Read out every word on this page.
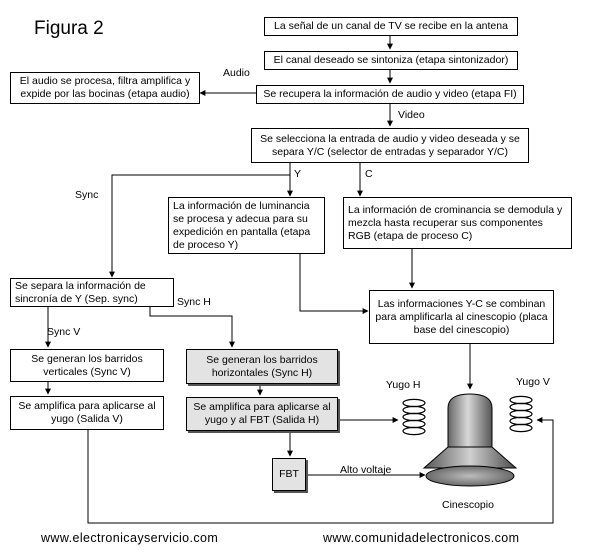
Figura 2	La señal de un canal de TV se recibe en la antena
El canal deseado se sintoniza (etapa sintonizador)
Se recupera la información de audio y video (etapa FI)
El audio se procesa, filtra amplifica y expide por las bocinas (etapa audio)
Se selecciona la entrada de audio y video deseada y se separa Y/C (selector de entradas y separador Y/C)
La información de luminancia se procesa y adecua para su expedición en pantalla (etapa de proceso Y)
La información de crominancia se demodula y mezcla hasta recuperar sus componentes RGB (etapa de proceso C)
Se separa la información de sincronía de Y (Sep. sync)	Las informaciones Y-C se combinan para amplificarla al cinescopio (placa base del cinescopio)
Se generan los barridos verticales (Sync V)
Se generan los barridos horizontales (Sync H)
Se amplifica para aplicarse al yugo (Salida V)
Se amplifica para aplicarse al yugo y al FBT (Salida H)
FBT
Audio
Video
Y	C
Sync
Sync H
Sync V
Yugo H	Yugo V
Alto voltaje
Cinescopio
www.electronicayservicio.com	www.comunidadelectronicos.com
